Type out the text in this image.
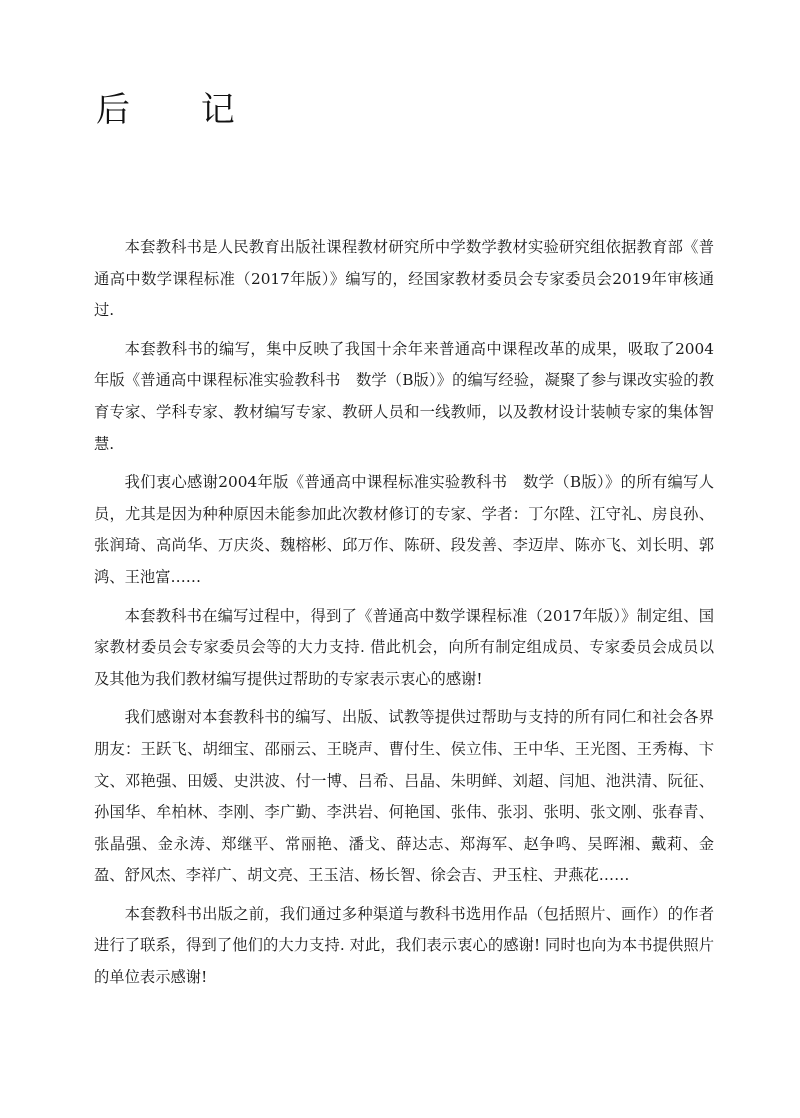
后 记

本套教科书是人民教育出版社课程教材研究所中学数学教材实验研究组依据教育部《普通高中数学课程标准（2017年版）》编写的，经国家教材委员会专家委员会2019年审核通过.

本套教科书的编写，集中反映了我国十余年来普通高中课程改革的成果，吸取了2004年版《普通高中课程标准实验教科书　数学（B版）》的编写经验，凝聚了参与课改实验的教育专家、学科专家、教材编写专家、教研人员和一线教师，以及教材设计装帧专家的集体智慧.

我们衷心感谢2004年版《普通高中课程标准实验教科书　数学（B版）》的所有编写人员，尤其是因为种种原因未能参加此次教材修订的专家、学者：丁尔陞、江守礼、房良孙、张润琦、高尚华、万庆炎、魏榕彬、邱万作、陈研、段发善、李迈岸、陈亦飞、刘长明、郭鸿、王池富……

本套教科书在编写过程中，得到了《普通高中数学课程标准（2017年版）》制定组、国家教材委员会专家委员会等的大力支持. 借此机会，向所有制定组成员、专家委员会成员以及其他为我们教材编写提供过帮助的专家表示衷心的感谢!

我们感谢对本套教科书的编写、出版、试教等提供过帮助与支持的所有同仁和社会各界朋友：王跃飞、胡细宝、邵丽云、王晓声、曹付生、侯立伟、王中华、王光图、王秀梅、卞文、邓艳强、田媛、史洪波、付一博、吕希、吕晶、朱明鲜、刘超、闫旭、池洪清、阮征、孙国华、牟柏林、李刚、李广勤、李洪岩、何艳国、张伟、张羽、张明、张文刚、张春青、张晶强、金永涛、郑继平、常丽艳、潘戈、薛达志、郑海军、赵争鸣、吴晖湘、戴莉、金盈、舒风杰、李祥广、胡文亮、王玉洁、杨长智、徐会吉、尹玉柱、尹燕花……

本套教科书出版之前，我们通过多种渠道与教科书选用作品（包括照片、画作）的作者进行了联系，得到了他们的大力支持. 对此，我们表示衷心的感谢! 同时也向为本书提供照片的单位表示感谢!
